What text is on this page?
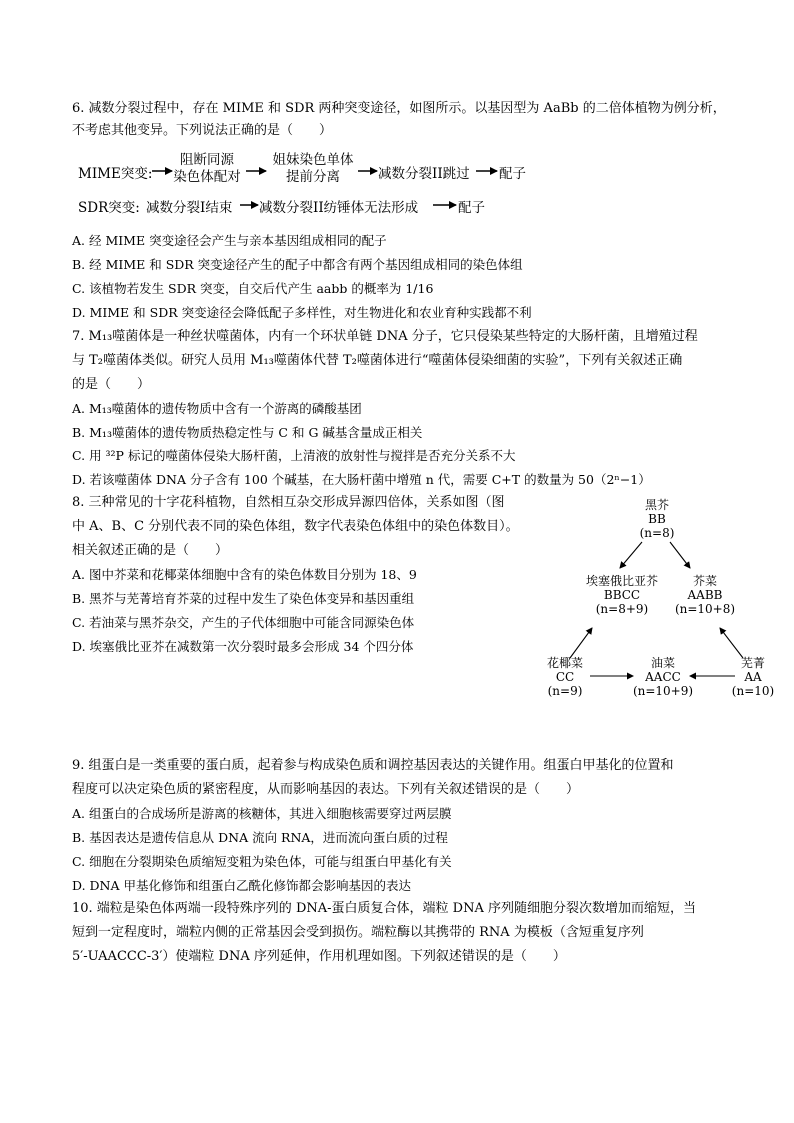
6. 减数分裂过程中，存在 MIME 和 SDR 两种突变途径，如图所示。以基因型为 AaBb 的二倍体植物为例分析，
不考虑其他变异。下列说法正确的是（　　）
MIME突变:
阻断同源
染色体配对
姐妹染色单体
提前分离	减数分裂II跳过 配子
SDR突变: 减数分裂I结束 减数分裂II纺锤体无法形成	配子
A. 经 MIME 突变途径会产生与亲本基因组成相同的配子
B. 经 MIME 和 SDR 突变途径产生的配子中都含有两个基因组成相同的染色体组
C. 该植物若发生 SDR 突变，自交后代产生 aabb 的概率为 1/16
D. MIME 和 SDR 突变途径会降低配子多样性，对生物进化和农业育种实践都不利
7. M₁₃噬菌体是一种丝状噬菌体，内有一个环状单链 DNA 分子，它只侵染某些特定的大肠杆菌，且增殖过程
与 T₂噬菌体类似。研究人员用 M₁₃噬菌体代替 T₂噬菌体进行“噬菌体侵染细菌的实验”，下列有关叙述正确
的是（　　）
A. M₁₃噬菌体的遗传物质中含有一个游离的磷酸基团
B. M₁₃噬菌体的遗传物质热稳定性与 C 和 G 碱基含量成正相关
C. 用 ³²P 标记的噬菌体侵染大肠杆菌，上清液的放射性与搅拌是否充分关系不大
D. 若该噬菌体 DNA 分子含有 100 个碱基，在大肠杆菌中增殖 n 代，需要 C+T 的数量为 50（2ⁿ−1）
8. 三种常见的十字花科植物，自然相互杂交形成异源四倍体，关系如图（图
中 A、B、C 分别代表不同的染色体组，数字代表染色体组中的染色体数目）。
相关叙述正确的是（　　）
A. 图中芥菜和花椰菜体细胞中含有的染色体数目分别为 18、9
B. 黑芥与芜菁培育芥菜的过程中发生了染色体变异和基因重组
C. 若油菜与黑芥杂交，产生的子代体细胞中可能含同源染色体
D. 埃塞俄比亚芥在减数第一次分裂时最多会形成 34 个四分体
黑芥
BB
(n=8)
埃塞俄比亚芥
BBCC
(n=8+9)
芥菜
AABB
(n=10+8)
花椰菜
CC
(n=9)
油菜
AACC
(n=10+9)
芜菁
AA
(n=10)
9. 组蛋白是一类重要的蛋白质，起着参与构成染色质和调控基因表达的关键作用。组蛋白甲基化的位置和
程度可以决定染色质的紧密程度，从而影响基因的表达。下列有关叙述错误的是（　　）
A. 组蛋白的合成场所是游离的核糖体，其进入细胞核需要穿过两层膜
B. 基因表达是遗传信息从 DNA 流向 RNA，进而流向蛋白质的过程
C. 细胞在分裂期染色质缩短变粗为染色体，可能与组蛋白甲基化有关
D. DNA 甲基化修饰和组蛋白乙酰化修饰都会影响基因的表达
10. 端粒是染色体两端一段特殊序列的 DNA-蛋白质复合体，端粒 DNA 序列随细胞分裂次数增加而缩短，当
短到一定程度时，端粒内侧的正常基因会受到损伤。端粒酶以其携带的 RNA 为模板（含短重复序列
5′-UAACCC-3′）使端粒 DNA 序列延伸，作用机理如图。下列叙述错误的是（　　）
